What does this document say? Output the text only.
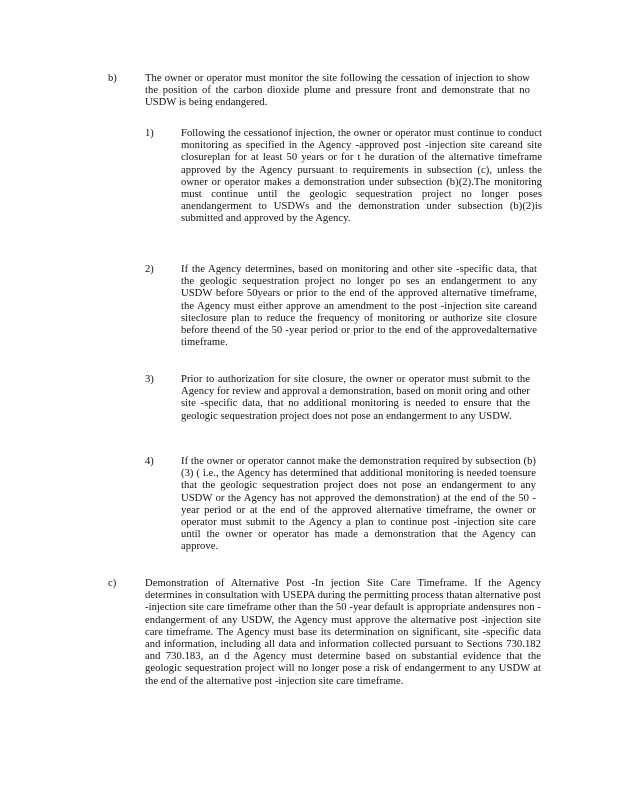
b)	The owner or operator must monitor the site following the cessation of injection to show the position of the carbon dioxide plume and pressure front and demonstrate that no USDW is being endangered.
1)	Following the cessationof injection, the owner or operator must continue to conduct monitoring as specified in the Agency -approved post -injection site careand site closureplan for at least 50 years or for t he duration of the alternative timeframe approved by the Agency pursuant to requirements in subsection (c), unless the owner or operator makes a demonstration under subsection (b)(2).The monitoring must continue until the geologic sequestration project no longer poses anendangerment to USDWs and the demonstration under subsection (b)(2)is submitted and approved by the Agency.
2)	If the Agency determines, based on monitoring and other site -specific data, that the geologic sequestration project no longer po ses an endangerment to any USDW before 50years or prior to the end of the approved alternative timeframe, the Agency must either approve an amendment to the post -injection site careand siteclosure plan to reduce the frequency of monitoring or authorize site closure before theend of the 50 -year period or prior to the end of the approvedalternative timeframe.
3)	Prior to authorization for site closure, the owner or operator must submit to the Agency for review and approval a demonstration, based on monit oring and other site -specific data, that no additional monitoring is needed to ensure that the geologic sequestration project does not pose an endangerment to any USDW.
4)	If the owner or operator cannot make the demonstration required by subsection (b)(3) ( i.e., the Agency has determined that additional monitoring is needed toensure that the geologic sequestration project does not pose an endangerment to any USDW or the Agency has not approved the demonstration) at the end of the 50 -year period or at the end of the approved alternative timeframe, the owner or operator must submit to the Agency a plan to continue post -injection site care until the owner or operator has made a demonstration that the Agency can approve.
c)	Demonstration of Alternative Post -In jection Site Care Timeframe. If the Agency determines in consultation with USEPA during the permitting process thatan alternative post -injection site care timeframe other than the 50 -year default is appropriate andensures non -endangerment of any USDW, the Agency must approve the alternative post -injection site care timeframe. The Agency must base its determination on significant, site -specific data and information, including all data and information collected pursuant to Sections 730.182 and 730.183, an d the Agency must determine based on substantial evidence that the geologic sequestration project will no longer pose a risk of endangerment to any USDW at the end of the alternative post -injection site care timeframe.
